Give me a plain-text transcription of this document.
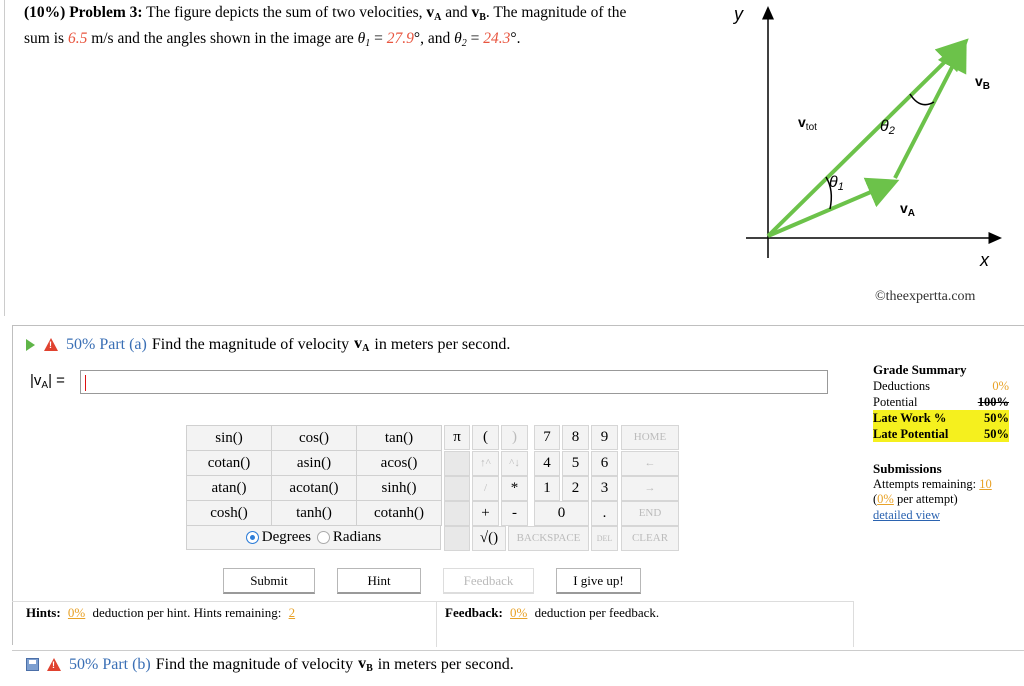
(10%) Problem 3: The figure depicts the sum of two velocities, $v_A$ and $v_B$. The magnitude of the
sum is 6.5 m/s and the angles shown in the image are $\theta_1 = 27.9^\circ$, and $\theta_2 = 24.3^\circ$.
y
x
$v_B$
$v_{tot}$	θ2
θ1
$v_A$
©theexpertta.com
!
50% Part (a) Find the magnitude of velocity $v_A$ in meters per second.
$|v_A|$ =
sin()	cos()	tan()
cotan()	asin()	acos()
atan()	acotan()	sinh()
cosh()	tanh()	cotanh()
Degrees Radians
π	(	)	7	8	9	HOME
↑^	^↓	4	5	6	←
/	*	1	2	3	→
+	-	0	.	END
√()	BACKSPACE	DEL	CLEAR
Submit	Hint	Feedback	I give up!
Hints: 0% deduction per hint. Hints remaining: 2	Feedback: 0% deduction per feedback.
Grade Summary
Deductions	0%
Potential	100%
Late Work %	50%
Late Potential	50%
Submissions
Attempts remaining: 10
(0% per attempt)
detailed view
!
50% Part (b) Find the magnitude of velocity $v_B$ in meters per second.
